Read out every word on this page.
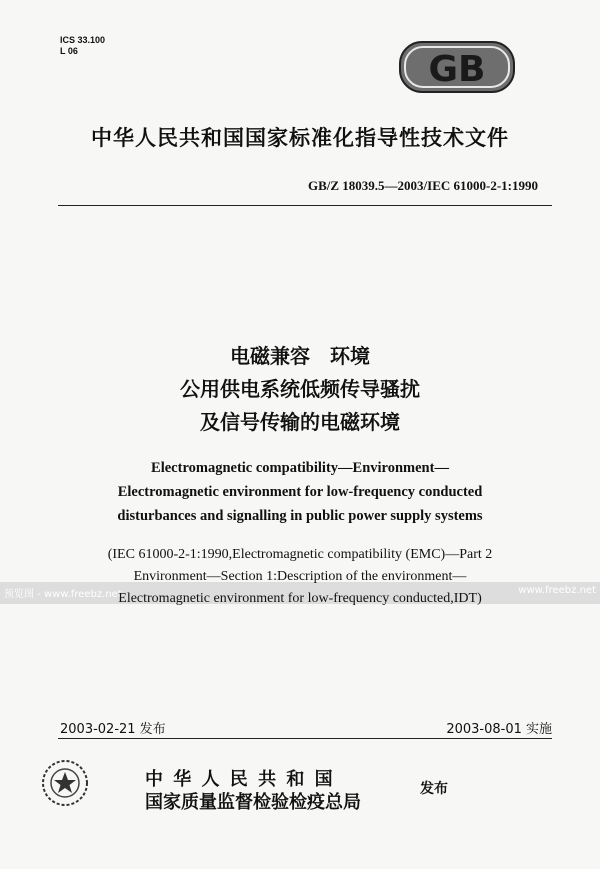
ICS 33.100
L 06	GB
中华人民共和国国家标准化指导性技术文件
GB/Z 18039.5—2003/IEC 61000-2-1:1990
电磁兼容　环境
公用供电系统低频传导骚扰
及信号传输的电磁环境
Electromagnetic compatibility—Environment—
Electromagnetic environment for low-frequency conducted
disturbances and signalling in public power supply systems
(IEC 61000-2-1:1990,Electromagnetic compatibility (EMC)—Part 2
预览图 - www.freebz.net	www.freebz.net
Environment—Section 1:Description of the environment—
Electromagnetic environment for low-frequency conducted,IDT)
2003-02-21 发布	2003-08-01 实施
中 华 人 民 共 和 国
国家质量监督检验检疫总局
发布
